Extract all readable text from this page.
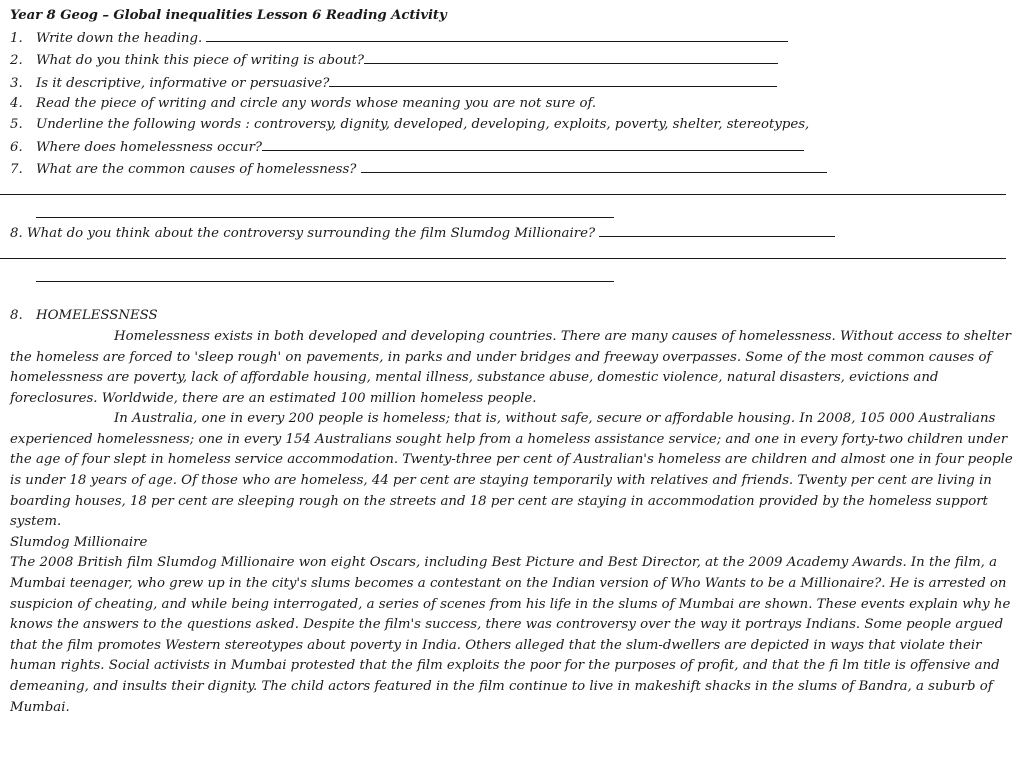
Year 8 Geog – Global inequalities Lesson 6 Reading Activity
1. Write down the heading.
2. What do you think this piece of writing is about?
3. Is it descriptive, informative or persuasive?
4. Read the piece of writing and circle any words whose meaning you are not sure of.
5. Underline the following words : controversy, dignity, developed, developing, exploits, poverty, shelter, stereotypes,
6. Where does homelessness occur?
7. What are the common causes of homelessness?
8. What do you think about the controversy surrounding the film Slumdog Millionaire?
8. HOMELESSNESS

Homelessness exists in both developed and developing countries. There are many causes of homelessness. Without access to shelter the homeless are forced to 'sleep rough' on pavements, in parks and under bridges and freeway overpasses. Some of the most common causes of homelessness are poverty, lack of affordable housing, mental illness, substance abuse, domestic violence, natural disasters, evictions and foreclosures. Worldwide, there are an estimated 100 million homeless people.

In Australia, one in every 200 people is homeless; that is, without safe, secure or affordable housing. In 2008, 105 000 Australians experienced homelessness; one in every 154 Australians sought help from a homeless assistance service; and one in every forty-two children under the age of four slept in homeless service accommodation. Twenty-three per cent of Australian's homeless are children and almost one in four people is under 18 years of age. Of those who are homeless, 44 per cent are staying temporarily with relatives and friends. Twenty per cent are living in boarding houses, 18 per cent are sleeping rough on the streets and 18 per cent are staying in accommodation provided by the homeless support system.

Slumdog Millionaire

The 2008 British film Slumdog Millionaire won eight Oscars, including Best Picture and Best Director, at the 2009 Academy Awards. In the film, a Mumbai teenager, who grew up in the city's slums becomes a contestant on the Indian version of Who Wants to be a Millionaire?. He is arrested on suspicion of cheating, and while being interrogated, a series of scenes from his life in the slums of Mumbai are shown. These events explain why he knows the answers to the questions asked. Despite the film's success, there was controversy over the way it portrays Indians. Some people argued that the film promotes Western stereotypes about poverty in India. Others alleged that the slum-dwellers are depicted in ways that violate their human rights. Social activists in Mumbai protested that the film exploits the poor for the purposes of profit, and that the fi lm title is offensive and demeaning, and insults their dignity. The child actors featured in the film continue to live in makeshift shacks in the slums of Bandra, a suburb of Mumbai.
